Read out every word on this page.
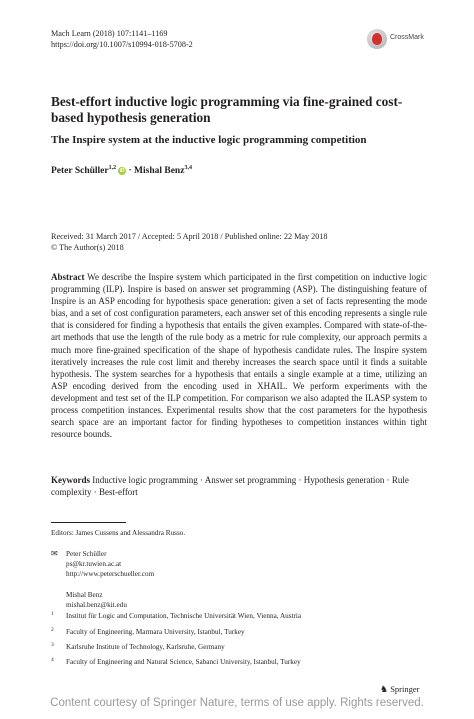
Mach Learn (2018) 107:1141–1169
https://doi.org/10.1007/s10994-018-5708-2
CrossMark
Best-effort inductive logic programming via fine-grained cost-based hypothesis generation
The Inspire system at the inductive logic programming competition
Peter Schüller$^{1,2}$iD · Mishal Benz$^{3,4}$
Received: 31 March 2017 / Accepted: 5 April 2018 / Published online: 22 May 2018
© The Author(s) 2018
Abstract We describe the Inspire system which participated in the first competition on inductive logic programming (ILP). Inspire is based on answer set programming (ASP). The distinguishing feature of Inspire is an ASP encoding for hypothesis space generation: given a set of facts representing the mode bias, and a set of cost configuration parameters, each answer set of this encoding represents a single rule that is considered for finding a hypothesis that entails the given examples. Compared with state-of-the-art methods that use the length of the rule body as a metric for rule complexity, our approach permits a much more fine-grained specification of the shape of hypothesis candidate rules. The Inspire system iteratively increases the rule cost limit and thereby increases the search space until it finds a suitable hypothesis. The system searches for a hypothesis that entails a single example at a time, utilizing an ASP encoding derived from the encoding used in XHAIL. We perform experiments with the development and test set of the ILP competition. For comparison we also adapted the ILASP system to process competition instances. Experimental results show that the cost parameters for the hypothesis search space are an important factor for finding hypotheses to competition instances within tight resource bounds.
Keywords Inductive logic programming · Answer set programming · Hypothesis generation · Rule complexity · Best-effort
Editors: James Cussens and Alessandra Russo.
✉ Peter Schüller
ps@kr.tuwien.ac.at
http://www.peterschueller.com
Mishal Benz
mishal.benz@kit.edu
1 Institut für Logic and Computation, Technische Universität Wien, Vienna, Austria
2 Faculty of Engineering, Marmara University, Istanbul, Turkey
3 Karlsruhe Institute of Technology, Karlsruhe, Germany
4 Faculty of Engineering and Natural Science, Sabanci University, Istanbul, Turkey
♞ Springer
Content courtesy of Springer Nature, terms of use apply. Rights reserved.
